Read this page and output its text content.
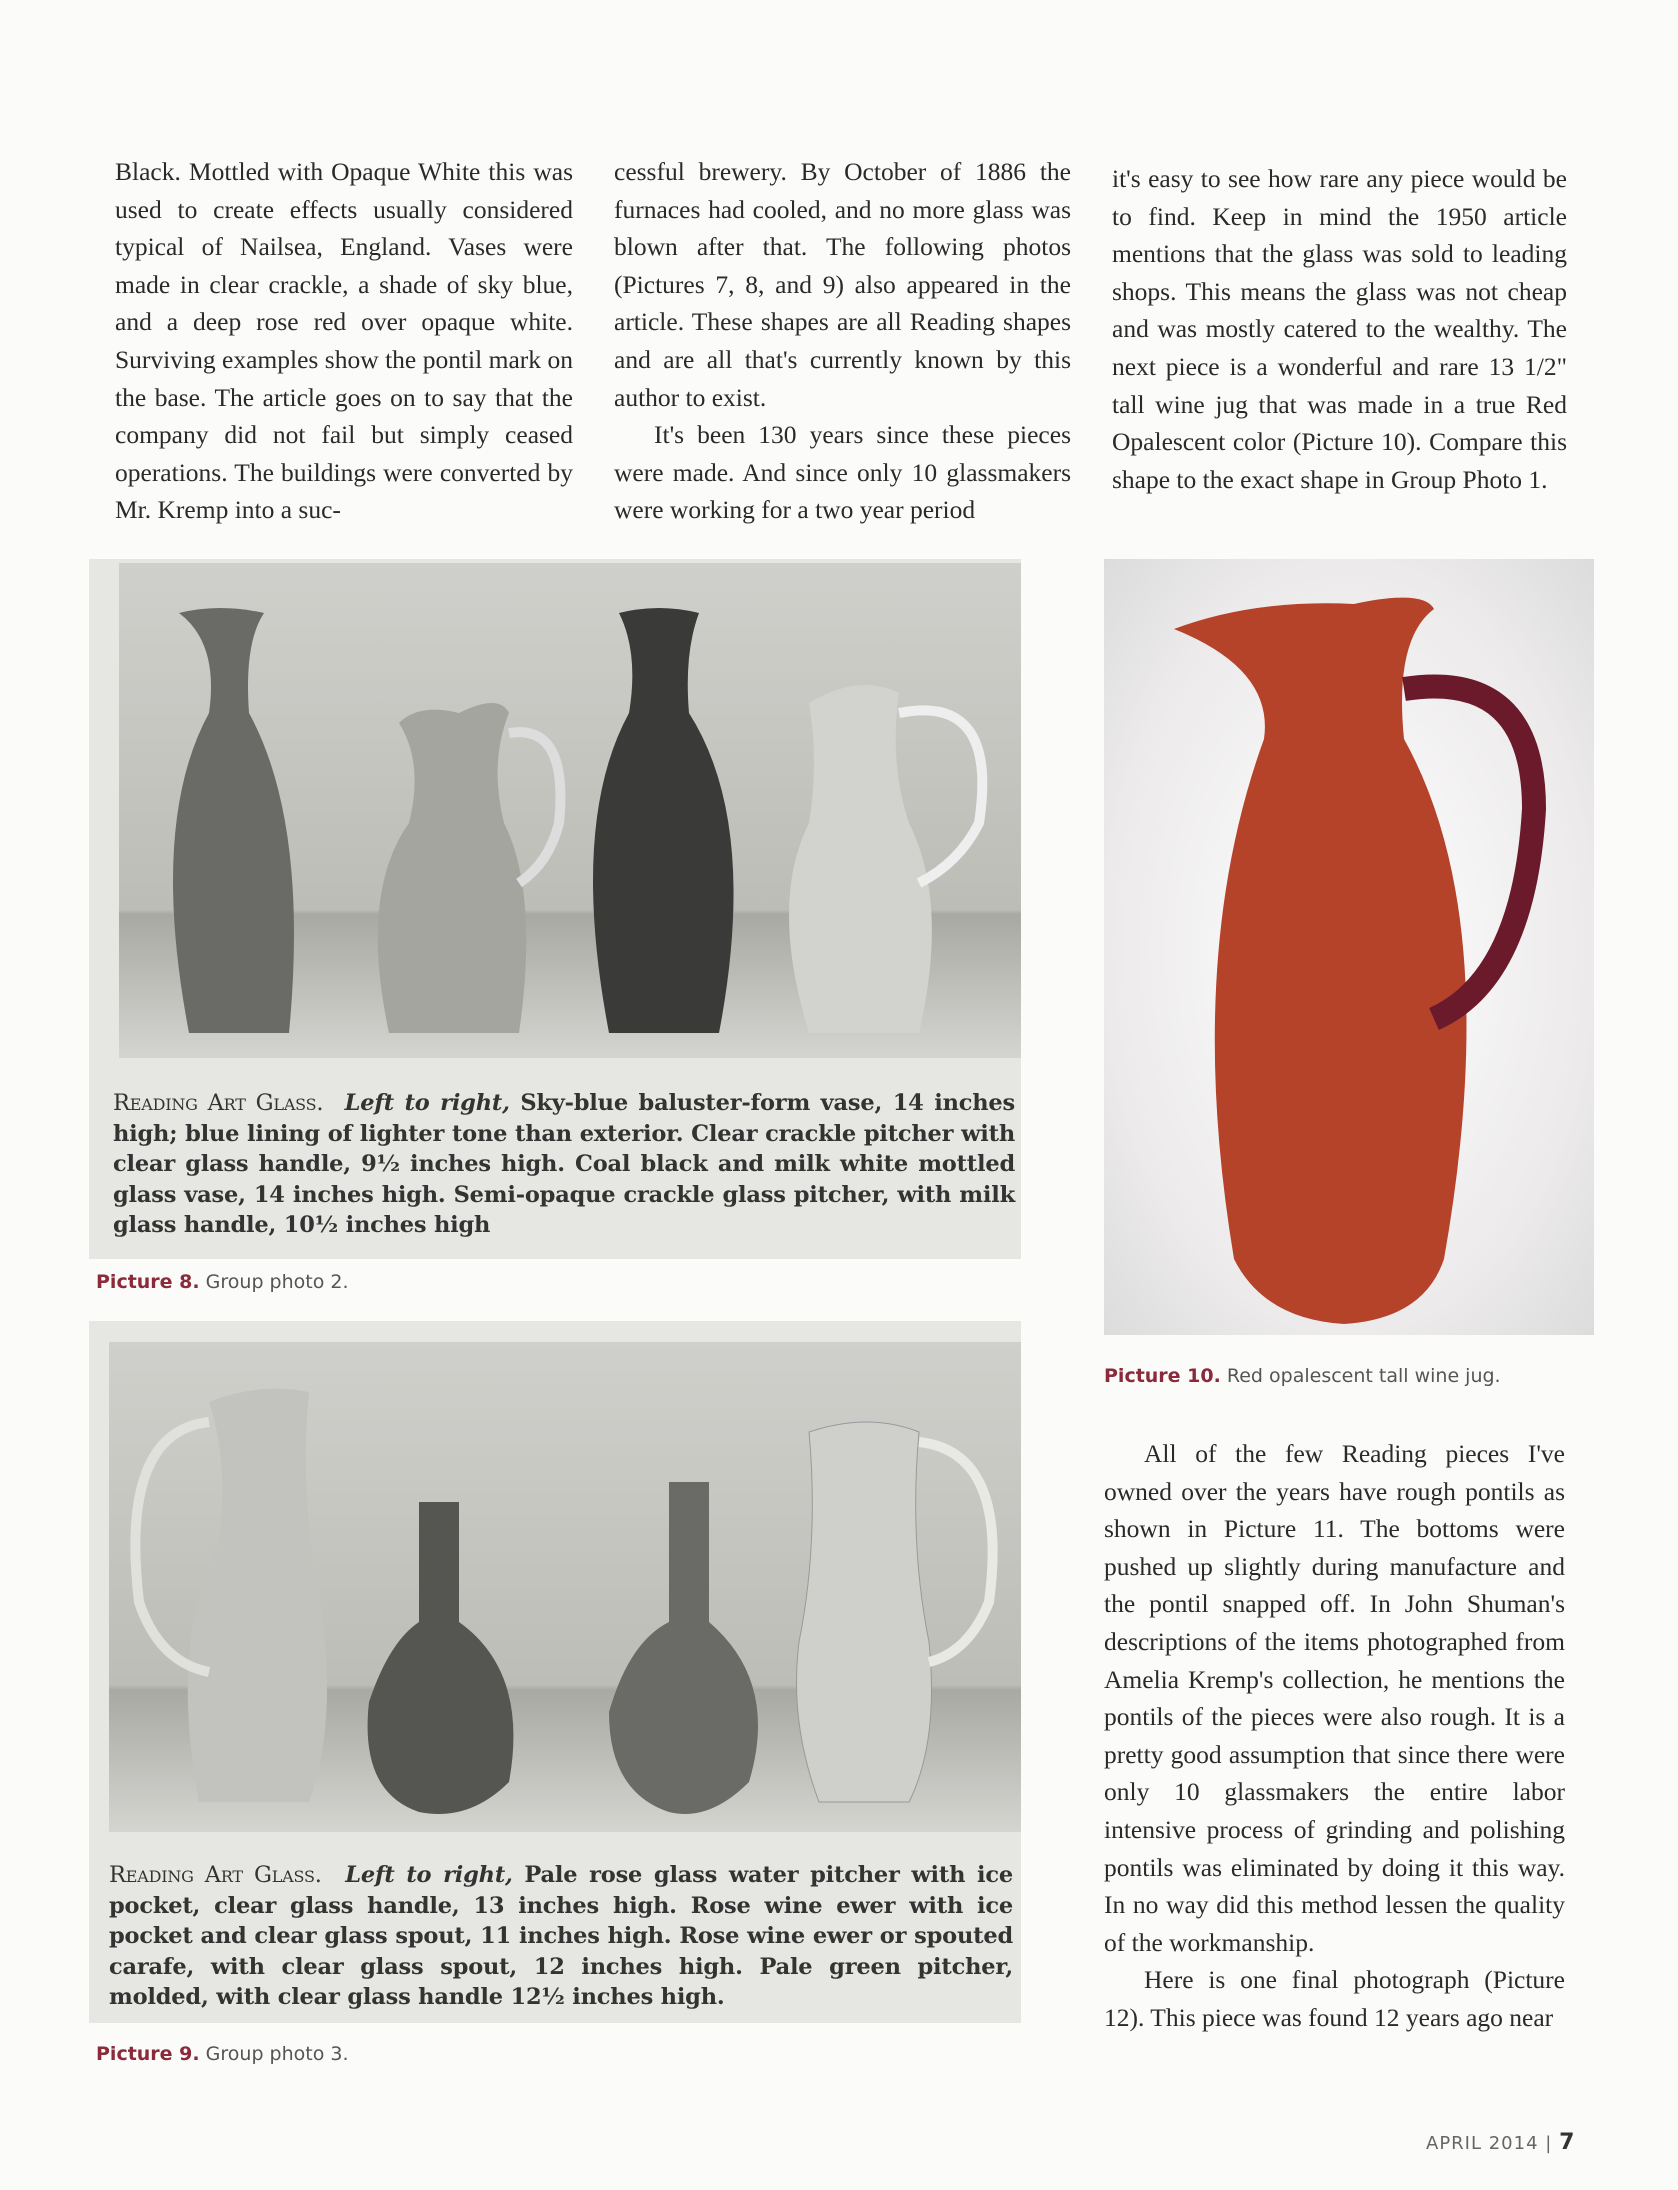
Black. Mottled with Opaque White this was used to create effects usually considered typical of Nailsea, England. Vases were made in clear crackle, a shade of sky blue, and a deep rose red over opaque white. Surviving examples show the pontil mark on the base. The article goes on to say that the company did not fail but simply ceased operations. The buildings were converted by Mr. Kremp into a suc-

cessful brewery. By October of 1886 the furnaces had cooled, and no more glass was blown after that. The following photos (Pictures 7, 8, and 9) also appeared in the article. These shapes are all Reading shapes and are all that's currently known by this author to exist.

It's been 130 years since these pieces were made. And since only 10 glassmakers were working for a two year period

it's easy to see how rare any piece would be to find. Keep in mind the 1950 article mentions that the glass was sold to leading shops. This means the glass was not cheap and was mostly catered to the wealthy. The next piece is a wonderful and rare 13 1/2" tall wine jug that was made in a true Red Opalescent color (Picture 10). Compare this shape to the exact shape in Group Photo 1.

Reading Art Glass. Left to right, Sky-blue baluster-form vase, 14 inches high; blue lining of lighter tone than exterior. Clear crackle pitcher with clear glass handle, 9½ inches high. Coal black and milk white mottled glass vase, 14 inches high. Semi-opaque crackle glass pitcher, with milk glass handle, 10½ inches high
Picture 8. Group photo 2.
Picture 10. Red opalescent tall wine jug.
Reading Art Glass. Left to right, Pale rose glass water pitcher with ice pocket, clear glass handle, 13 inches high. Rose wine ewer with ice pocket and clear glass spout, 11 inches high. Rose wine ewer or spouted carafe, with clear glass spout, 12 inches high. Pale green pitcher, molded, with clear glass handle 12½ inches high.
Picture 9. Group photo 3.

All of the few Reading pieces I've owned over the years have rough pontils as shown in Picture 11. The bottoms were pushed up slightly during manufacture and the pontil snapped off. In John Shuman's descriptions of the items photographed from Amelia Kremp's collection, he mentions the pontils of the pieces were also rough. It is a pretty good assumption that since there were only 10 glassmakers the entire labor intensive process of grinding and polishing pontils was eliminated by doing it this way. In no way did this method lessen the quality of the workmanship.

Here is one final photograph (Picture 12). This piece was found 12 years ago near

APRIL 2014 | 7
